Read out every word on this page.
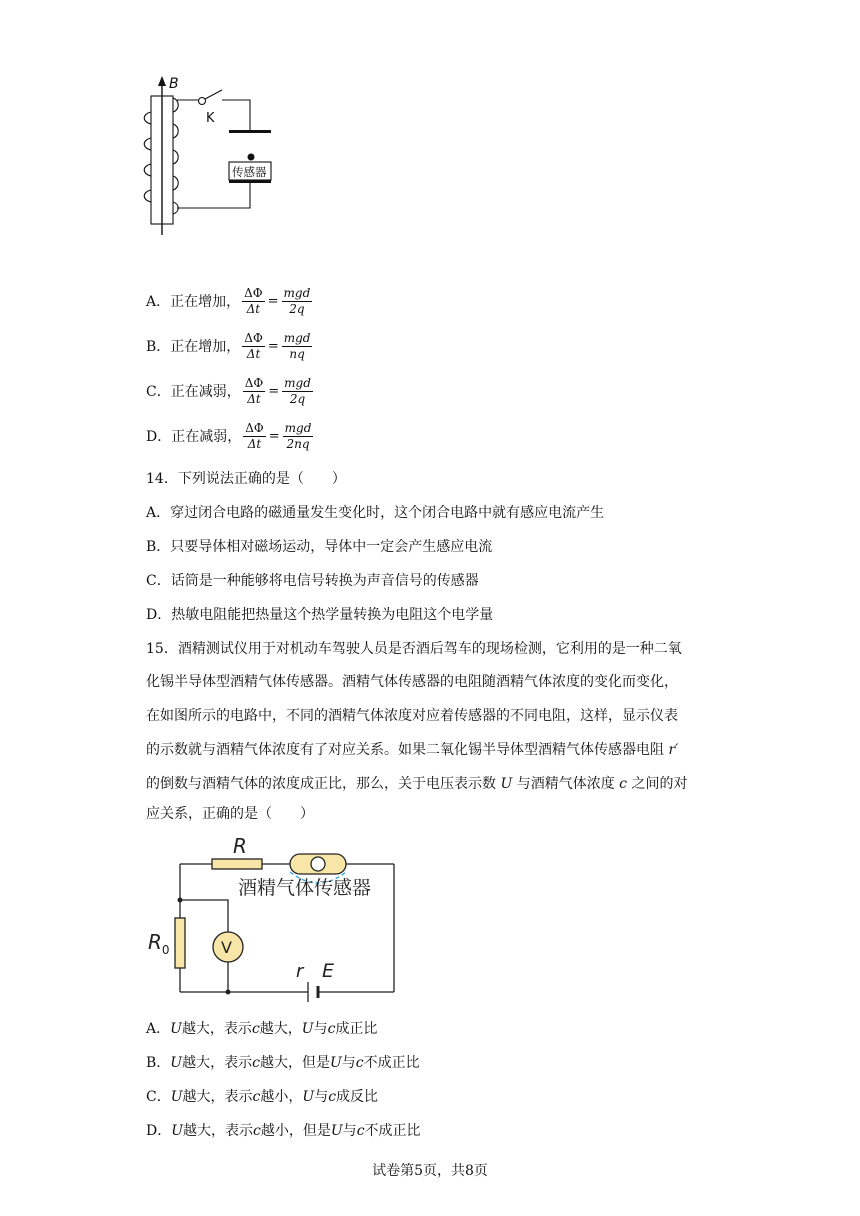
B
K
传感器
A．正在增加， $\frac{\Delta\Phi}{\Delta t} = \frac{\text{mgd}}{2q}$
B．正在增加， $\frac{\Delta\Phi}{\Delta t} = \frac{\text{mgd}}{nq}$
C．正在减弱， $\frac{\Delta\Phi}{\Delta t} = \frac{\text{mgd}}{2q}$
D．正在减弱， $\frac{\Delta\Phi}{\Delta t} = \frac{\text{mgd}}{2nq}$
14．下列说法正确的是（　　）
A．穿过闭合电路的磁通量发生变化时，这个闭合电路中就有感应电流产生
B．只要导体相对磁场运动，导体中一定会产生感应电流
C．话筒是一种能够将电信号转换为声音信号的传感器
D．热敏电阻能把热量这个热学量转换为电阻这个电学量
15．酒精测试仪用于对机动车驾驶人员是否酒后驾车的现场检测，它利用的是一种二氧
化锡半导体型酒精气体传感器。酒精气体传感器的电阻随酒精气体浓度的变化而变化，
在如图所示的电路中，不同的酒精气体浓度对应着传感器的不同电阻，这样，显示仪表
的示数就与酒精气体浓度有了对应关系。如果二氧化锡半导体型酒精气体传感器电阻 r′
的倒数与酒精气体的浓度成正比，那么，关于电压表示数 U 与酒精气体浓度 c 之间的对
应关系，正确的是（　　）
R
酒精气体传感器
$R_0$	V
r E
A．U越大，表示c越大，U与c成正比
B．U越大，表示c越大，但是U与c不成正比
C．U越大，表示c越小，U与c成反比
D．U越大，表示c越小，但是U与c不成正比
试卷第5页，共8页
